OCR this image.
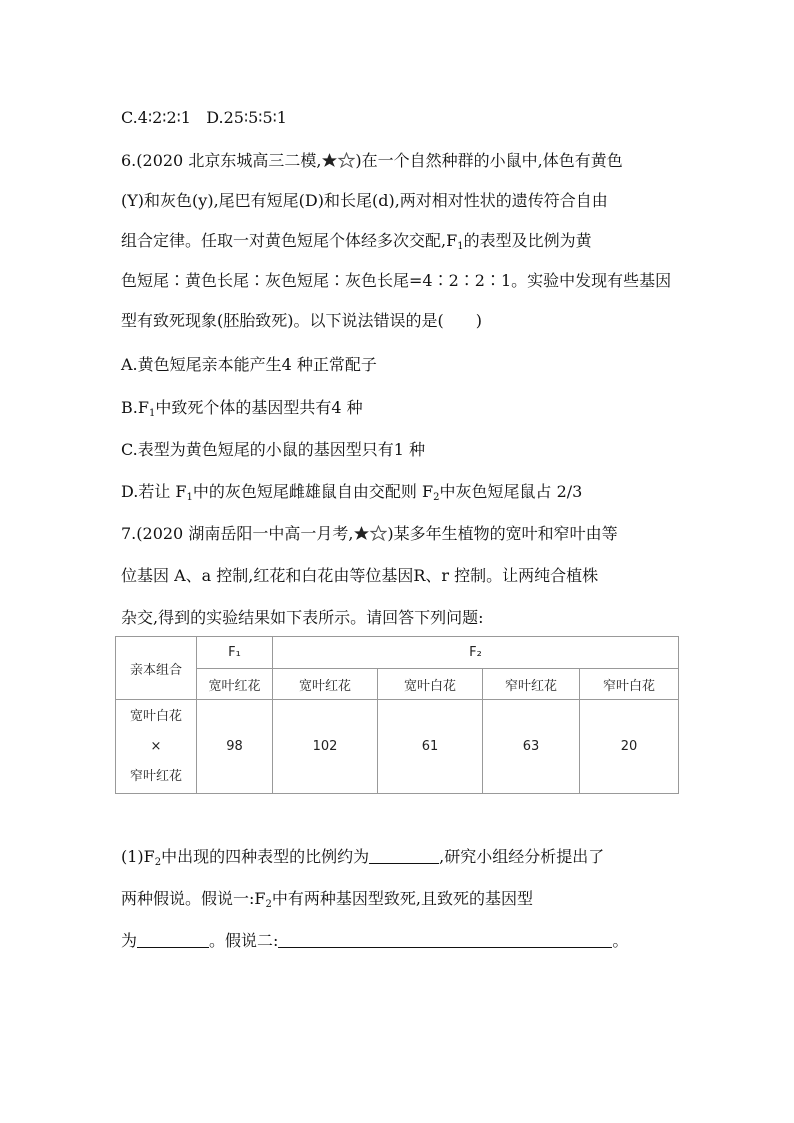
C.4∶2∶2∶1 D.25∶5∶5∶1
6.(2020 北京东城高三二模, )在一个自然种群的小鼠中,体色有黄色
(Y)和灰色(y),尾巴有短尾(D)和长尾(d),两对相对性状的遗传符合自由
组合定律。任取一对黄色短尾个体经多次交配$,F_1$的表型及比例为黄
色短尾∶黄色长尾∶灰色短尾∶灰色长尾=4∶2∶2∶1。实验中发现有些基因
型有致死现象(胚胎致死)。以下说法错误的是(　　)
A.黄色短尾亲本能产生4 种正常配子
$B.F_1$中致死个体的基因型共有4 种
C.表型为黄色短尾的小鼠的基因型只有1 种
D.若让 $F_1$中的灰色短尾雌雄鼠自由交配则 $F_2$中灰色短尾鼠占 2/3
7.(2020 湖南岳阳一中高一月考, )某多年生植物的宽叶和窄叶由等
位基因 A、a 控制,红花和白花由等位基因R、r 控制。让两纯合植株
杂交,得到的实验结果如下表所示。请回答下列问题:
亲本组合	F₁	F₂			
	宽叶红花	宽叶红花	宽叶白花	窄叶红花	窄叶白花

宽叶白花
×
窄叶红花	98	102	61	63	20
$(1)F_2$中出现的四种表型的比例约为	,研究小组经分析提出了
两种假说。假说一$:F_2$中有两种基因型致死,且致死的基因型
为	。假说二:	。
